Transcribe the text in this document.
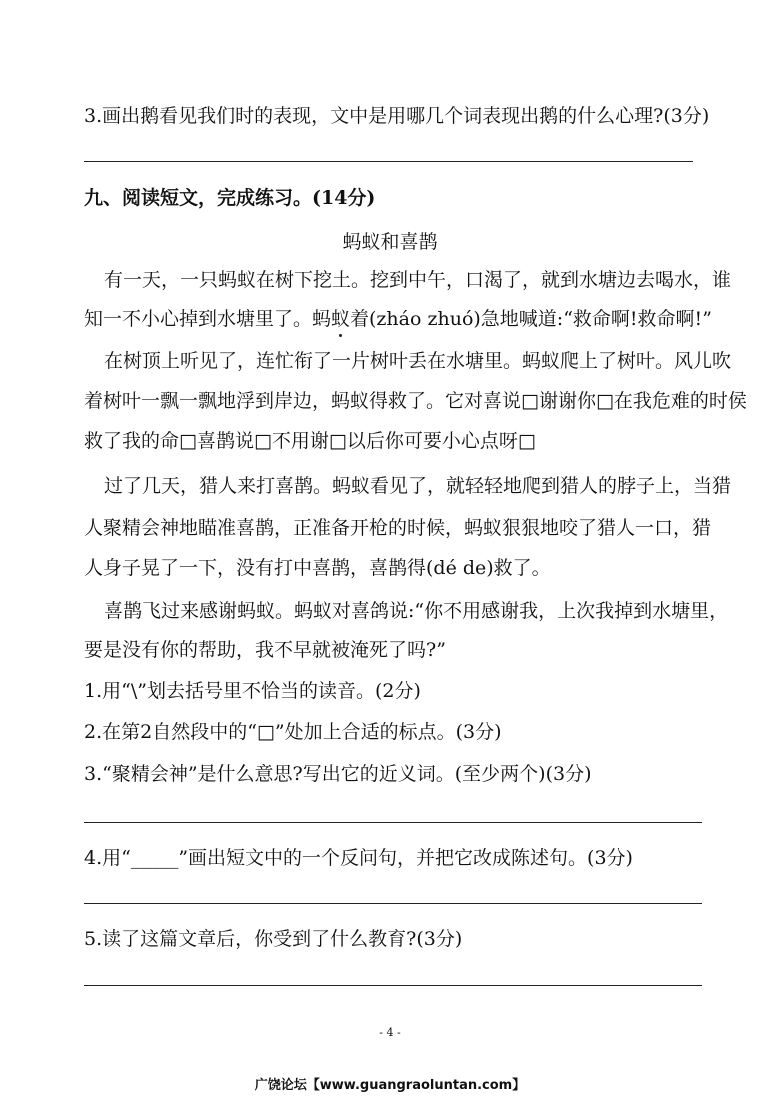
3.画出鹅看见我们时的表现，文中是用哪几个词表现出鹅的什么心理?(3分)
九、阅读短文，完成练习。(14分)
蚂蚁和喜鹊
有一天，一只蚂蚁在树下挖土。挖到中午，口渴了，就到水塘边去喝水，谁
知一不小心掉到水塘里了。蚂蚁着(zháo zhuó)急地喊道:“救命啊!救命啊!”
在树顶上听见了，连忙衔了一片树叶丢在水塘里。蚂蚁爬上了树叶。风儿吹
着树叶一飘一飘地浮到岸边，蚂蚁得救了。它对喜说□谢谢你□在我危难的时侯
救了我的命□喜鹊说□不用谢□以后你可要小心点呀□
过了几天，猎人来打喜鹊。蚂蚁看见了，就轻轻地爬到猎人的脖子上，当猎
人聚精会神地瞄准喜鹊，正准备开枪的时候，蚂蚁狠狠地咬了猎人一口，猎
人身子晃了一下，没有打中喜鹊，喜鹊得(dé de)救了。
喜鹊飞过来感谢蚂蚁。蚂蚁对喜鸽说:“你不用感谢我，上次我掉到水塘里，
要是没有你的帮助，我不早就被淹死了吗?”
1.用“\”划去括号里不恰当的读音。(2分)
2.在第2自然段中的“□”处加上合适的标点。(3分)
3.“聚精会神”是什么意思?写出它的近义词。(至少两个)(3分)
4.用“_____”画出短文中的一个反问句，并把它改成陈述句。(3分)
5.读了这篇文章后，你受到了什么教育?(3分)
- 4 -
广饶论坛【www.guangraoluntan.com】
